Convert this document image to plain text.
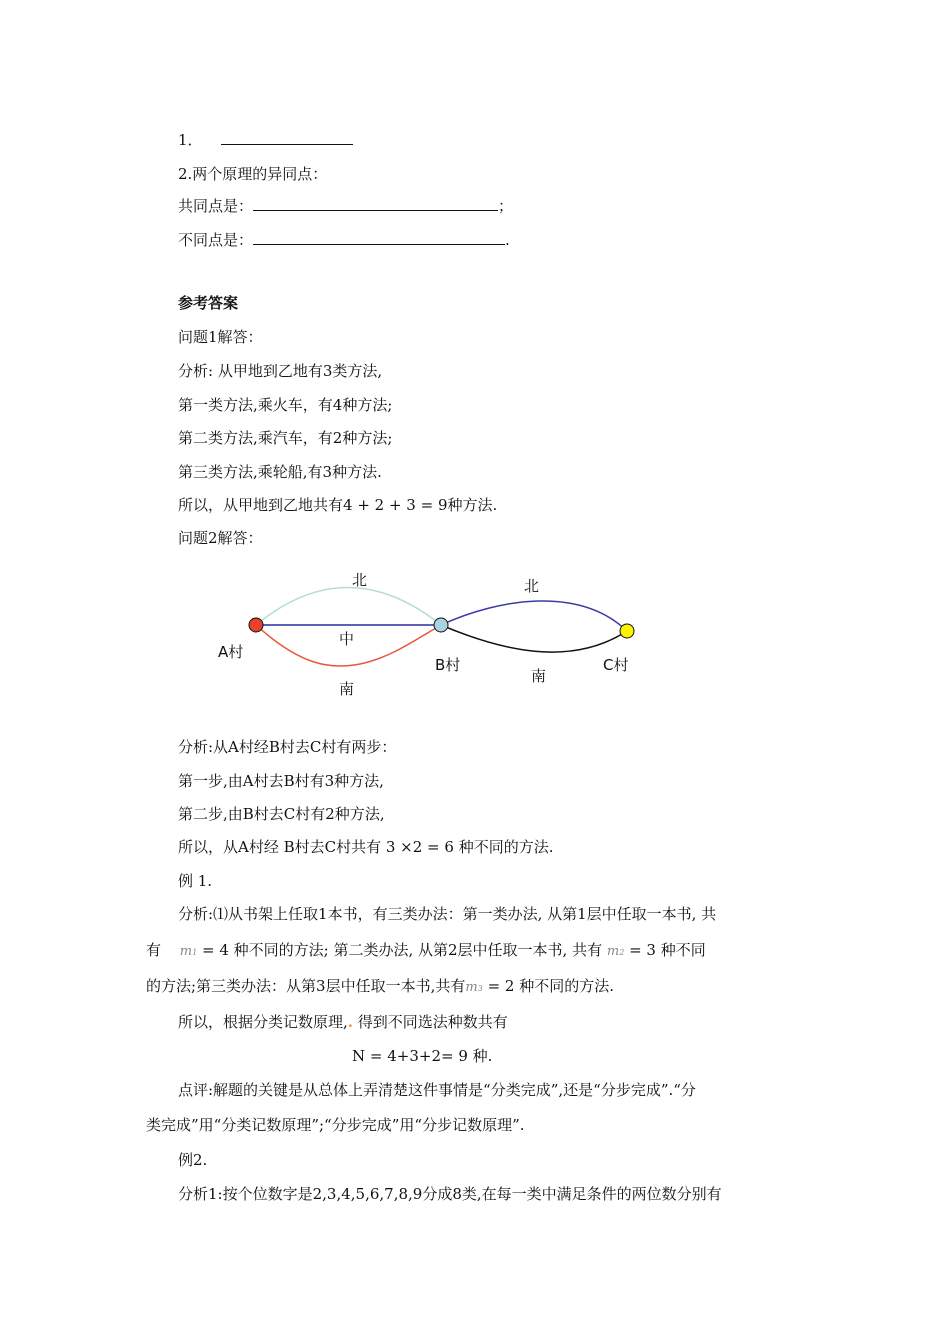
1．
2.两个原理的异同点：
共同点是：	；
不同点是：	.
参考答案
问题1解答：
分析: 从甲地到乙地有3类方法,
第一类方法,乘火车，有4种方法;
第二类方法,乘汽车，有2种方法;
第三类方法,乘轮船,有3种方法.
所以，从甲地到乙地共有4 + 2 + 3 = 9种方法.
问题2解答：
A村
B村	C村
北
中
南
北
南
分析:从A村经B村去C村有两步：
第一步,由A村去B村有3种方法,
第二步,由B村去C村有2种方法,
所以，从A村经 B村去C村共有 3 ×2 = 6 种不同的方法.
例 1.
分析:⑴从书架上任取1本书，有三类办法：第一类办法, 从第1层中任取一本书, 共
有 m1 = 4 种不同的方法; 第二类办法, 从第2层中任取一本书, 共有 m2 = 3 种不同
的方法;第三类办法：从第3层中任取一本书,共有m3 = 2 种不同的方法.
所以，根据分类记数原理,. 得到不同选法种数共有
N = 4+3+2= 9 种.
点评:解题的关键是从总体上弄清楚这件事情是“分类完成”,还是“分步完成”.“分
类完成”用“分类记数原理”;“分步完成”用“分步记数原理”.
例2.
分析1:按个位数字是2,3,4,5,6,7,8,9分成8类,在每一类中满足条件的两位数分别有
